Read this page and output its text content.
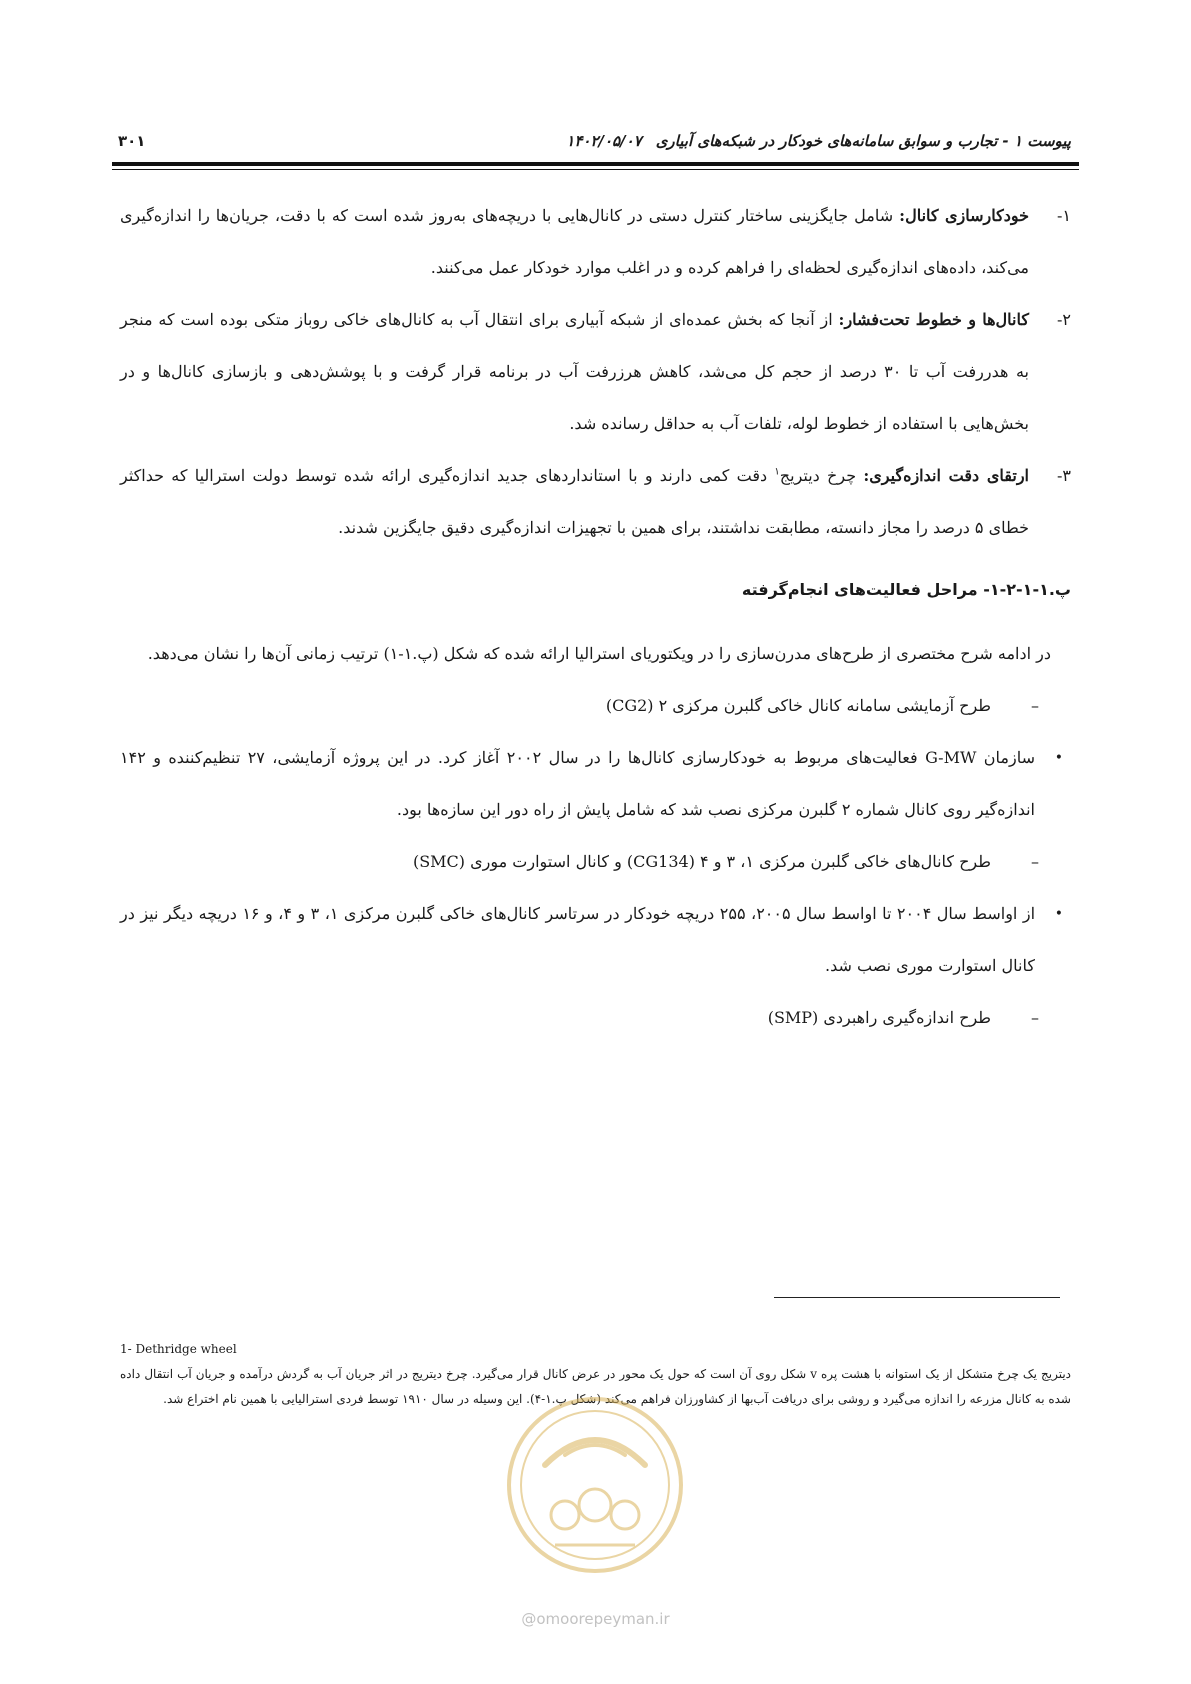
پیوست ۱ - تجارب و سوابق سامانه‌های خودکار در شبکه‌های آبیاری۱۴۰۲/۰۵/۰۷
۳۰۱
۱-
خودکارسازی کانال: شامل جایگزینی ساختار کنترل دستی در کانال‌هایی با دریچه‌های به‌روز شده است که با دقت، جریان‌ها را اندازه‌گیری می‌کند، داده‌های اندازه‌گیری لحظه‌ای را فراهم کرده و در اغلب موارد خودکار عمل می‌کنند.
۲-
کانال‌ها و خطوط تحت‌فشار: از آنجا که بخش عمده‌ای از شبکه آبیاری برای انتقال آب به کانال‌های خاکی روباز متکی بوده است که منجر به هدررفت آب تا ۳۰ درصد از حجم کل می‌شد، کاهش هرزرفت آب در برنامه قرار گرفت و با پوشش‌دهی و بازسازی کانال‌ها و در بخش‌هایی با استفاده از خطوط لوله، تلفات آب به حداقل رسانده شد.
۳-
ارتقای دقت اندازه‌گیری: چرخ دیتریج$^۱$ دقت کمی دارند و با استانداردهای جدید اندازه‌گیری ارائه شده توسط دولت استرالیا که حداکثر خطای ۵ درصد را مجاز دانسته، مطابقت نداشتند، برای همین با تجهیزات اندازه‌گیری دقیق جایگزین شدند.
پ.۱-۱-۲-۱- مراحل فعالیت‌های انجام‌گرفته
در ادامه شرح مختصری از طرح‌های مدرن‌سازی را در ویکتوریای استرالیا ارائه شده که شکل (پ.۱-۱) ترتیب زمانی آن‌ها را نشان می‌دهد.
–
طرح آزمایشی سامانه کانال خاکی گلبرن مرکزی ۲ (CG2)
•
سازمان G-MW فعالیت‌های مربوط به خودکارسازی کانال‌ها را در سال ۲۰۰۲ آغاز کرد. در این پروژه آزمایشی، ۲۷ تنظیم‌کننده و ۱۴۲ اندازه‌گیر روی کانال شماره ۲ گلبرن مرکزی نصب شد که شامل پایش از راه دور این سازه‌ها بود.
–
طرح کانال‌های خاکی گلبرن مرکزی ۱، ۳ و ۴ (CG134) و کانال استوارت موری (SMC)
•
از اواسط سال ۲۰۰۴ تا اواسط سال ۲۰۰۵، ۲۵۵ دریچه خودکار در سرتاسر کانال‌های خاکی گلبرن مرکزی ۱، ۳ و ۴، و ۱۶ دریچه دیگر نیز در کانال استوارت موری نصب شد.
–
طرح اندازه‌گیری راهبردی (SMP)
1- Dethridge wheel
دیتریج یک چرخ متشکل از یک استوانه با هشت پره v شکل روی آن است که حول یک محور در عرض کانال قرار می‌گیرد. چرخ دیتریج در اثر جریان آب به گردش درآمده و جریان آب انتقال داده شده به کانال مزرعه را اندازه می‌گیرد و روشی برای دریافت آب‌بها از کشاورزان فراهم می‌کند (شکل پ.۱-۴). این وسیله در سال ۱۹۱۰ توسط فردی استرالیایی با همین نام اختراع شد.
@omoorepeyman.ir
